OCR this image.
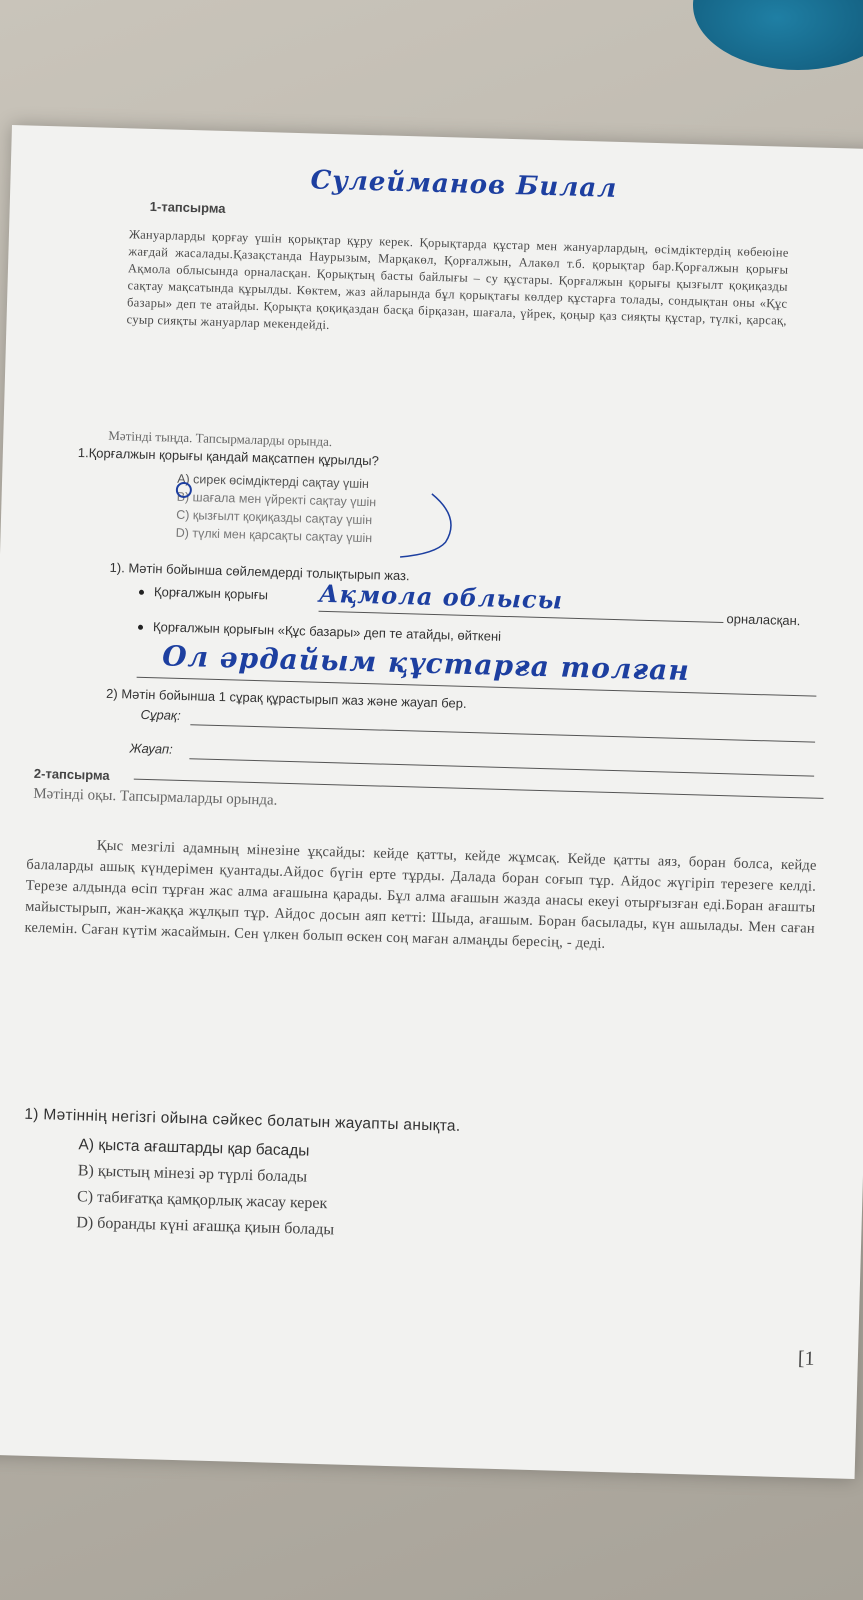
Сулейманов Билал
1-тапсырма
Жануарларды қорғау үшін қорықтар құру керек. Қорықтарда құстар мен жануарлардың, өсімдіктердің көбеюіне жағдай жасалады.Қазақстанда Наурызым, Марқакөл, Қорғалжын, Алакөл т.б. қорықтар бар.Қорғалжын қорығы Ақмола облысында орналасқан. Қорықтың басты байлығы – су құстары. Қорғалжын қорығы қызғылт қоқиқазды сақтау мақсатында құрылды. Көктем, жаз айларында бұл қорықтағы көлдер құстарға толады, сондықтан оны «Құс базары» деп те атайды. Қорықта қоқиқаздан басқа бірқазан, шағала, үйрек, қоңыр қаз сияқты құстар, түлкі, қарсақ, суыр сияқты жануарлар мекендейді.
Мәтінді тыңда. Тапсырмаларды орында.
1.Қорғалжын қорығы қандай мақсатпен құрылды?
A) сирек өсімдіктерді сақтау үшін
B) шағала мен үйректі сақтау үшін
C) қызғылт қоқиқазды сақтау үшін
D) түлкі мен қарсақты сақтау үшін
1). Мәтін бойынша сөйлемдерді толықтырып жаз.
Қорғалжын қорығы	Ақмола облысы
орналасқан.
Қорғалжын қорығын «Құс базары» деп те атайды, өйткені
Ол әрдайым құстарға толған
2) Мәтін бойынша 1 сұрақ құрастырып жаз және жауап бер.
Сұрақ:
Жауап:
2-тапсырма
Мәтінді оқы. Тапсырмаларды орында.
Қыс мезгілі адамның мінезіне ұқсайды: кейде қатты, кейде жұмсақ. Кейде қатты аяз, боран болса, кейде балаларды ашық күндерімен қуантады.Айдос бүгін ерте тұрды. Далада боран соғып тұр. Айдос жүгіріп терезеге келді. Терезе алдында өсіп тұрған жас алма ағашына қарады. Бұл алма ағашын жазда анасы екеуі отырғызған еді.Боран ағашты майыстырып, жан-жаққа жұлқып тұр. Айдос досын аяп кетті: Шыда, ағашым. Боран басылады, күн ашылады. Мен саған келемін. Саған күтім жасаймын. Сен үлкен болып өскен соң маған алмаңды бересің, - деді.
1) Мәтіннің негізгі ойына сәйкес болатын жауапты анықта.
A) қыста ағаштарды қар басады
B) қыстың мінезі әр түрлі болады
C) табиғатқа қамқорлық жасау керек
D) боранды күні ағашқа қиын болады
[1
